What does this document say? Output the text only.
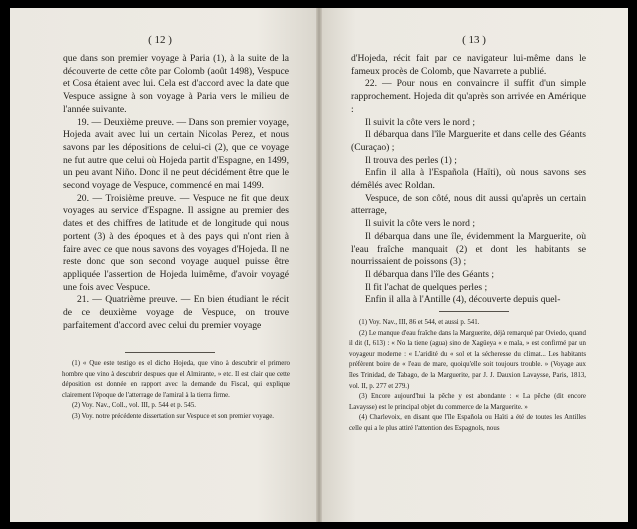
( 12 )

que dans son premier voyage à Paria (1), à la suite de la découverte de cette côte par Colomb (août 1498), Vespuce et Cosa étaient avec lui. Cela est d'accord avec la date que Vespuce assigne à son voyage à Paria vers le milieu de l'année suivante.

19. — Deuxième preuve. — Dans son premier voyage, Hojeda avait avec lui un certain Nicolas Perez, et nous savons par les dépositions de celui-ci (2), que ce voyage ne fut autre que celui où Hojeda partit d'Espagne, en 1499, un peu avant Niño. Donc il ne peut décidément être que le second voyage de Vespuce, commencé en mai 1499.

20. — Troisième preuve. — Vespuce ne fit que deux voyages au service d'Espagne. Il assigne au premier des dates et des chiffres de latitude et de longitude qui nous portent (3) à des époques et à des pays qui n'ont rien à faire avec ce que nous savons des voyages d'Hojeda. Il ne reste donc que son second voyage auquel puisse être appliquée l'assertion de Hojeda luimême, d'avoir voyagé une fois avec Vespuce.

21. — Quatrième preuve. — En bien étudiant le récit de ce deuxième voyage de Vespuce, on trouve parfaitement d'accord avec celui du premier voyage

(1) « Que este testigo es el dicho Hojeda, que vino à descubrir el primero hombre que vino à descubrir despues que el Almirante, » etc. Il est clair que cette déposition est donnée en rapport avec la demande du Fiscal, qui explique clairement l'époque de l'atterrage de l'amiral à la tierra firme.

(2) Voy. Nav., Coll., vol. III, p. 544 et p. 545.

(3) Voy. notre précédente dissertation sur Vespuce et son premier voyage.

( 13 )

d'Hojeda, récit fait par ce navigateur lui-même dans le fameux procès de Colomb, que Navarrete a publié.

22. — Pour nous en convaincre il suffit d'un simple rapprochement. Hojeda dit qu'après son arrivée en Amérique :

Il suivit la côte vers le nord ;

Il débarqua dans l'île Marguerite et dans celle des Géants (Curaçao) ;

Il trouva des perles (1) ;

Enfin il alla à l'Española (Haïti), où nous savons ses démêlés avec Roldan.

Vespuce, de son côté, nous dit aussi qu'après un certain atterrage,

Il suivit la côte vers le nord ;

Il débarqua dans une île, évidemment la Marguerite, où l'eau fraîche manquait (2) et dont les habitants se nourrissaient de poissons (3) ;

Il débarqua dans l'île des Géants ;

Il fit l'achat de quelques perles ;

Enfin il alla à l'Antille (4), découverte depuis quel-

(1) Voy. Nav., III, 86 et 544, et aussi p. 541.

(2) Le manque d'eau fraîche dans la Marguerite, déjà remarqué par Oviedo, quand il dit (I, 613) : « No la tiene (agua) sino de Xagüeya « e mala, » est confirmé par un voyageur moderne : « L'aridité du « sol et la sécheresse du climat... Les habitants préfèrent boire de « l'eau de mare, quoiqu'elle soit toujours trouble. » (Voyage aux îles Trinidad, de Tabago, de la Marguerite, par J. J. Dauxion Lavaysse, Paris, 1813, vol. II, p. 277 et 279.)

(3) Encore aujourd'hui la pêche y est abondante : « La pêche (dit encore Lavaysse) est le principal objet du commerce de la Marguerite. »

(4) Charlevoix, en disant que l'île Española ou Haïti a été de toutes les Antilles celle qui a le plus attiré l'attention des Espagnols, nous
